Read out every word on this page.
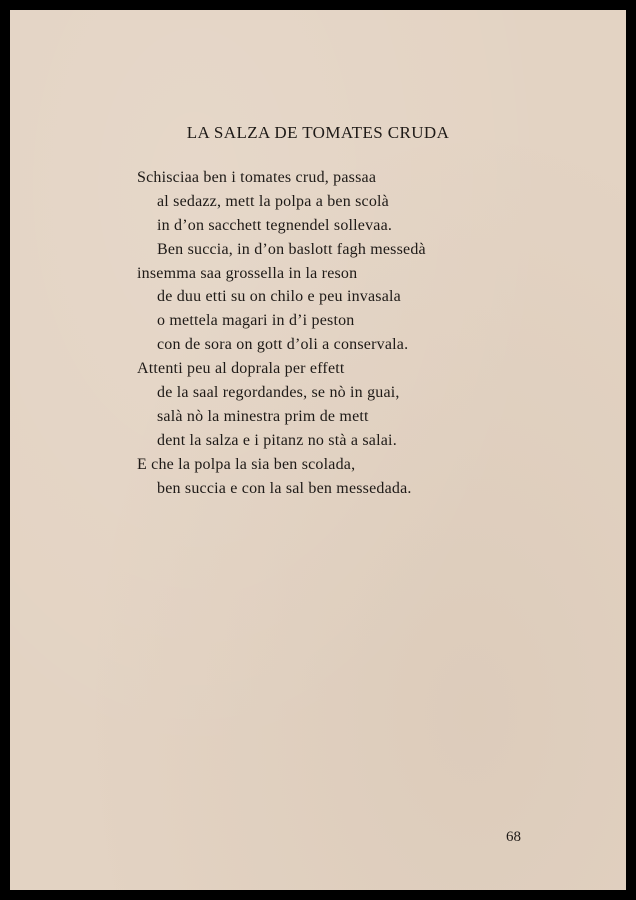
LA SALZA DE TOMATES CRUDA
Schisciaa ben i tomates crud, passaa
al sedazz, mett la polpa a ben scolà
in d’on sacchett tegnendel sollevaa.
Ben succia, in d’on baslott fagh messedà
insemma saa grossella in la reson
de duu etti su on chilo e peu invasala
o mettela magari in d’i peston
con de sora on gott d’oli a conservala.
Attenti peu al doprala per effett
de la saal regordandes, se nò in guai,
salà nò la minestra prim de mett
dent la salza e i pitanz no stà a salai.
E che la polpa la sia ben scolada,
ben succia e con la sal ben messedada.
68
